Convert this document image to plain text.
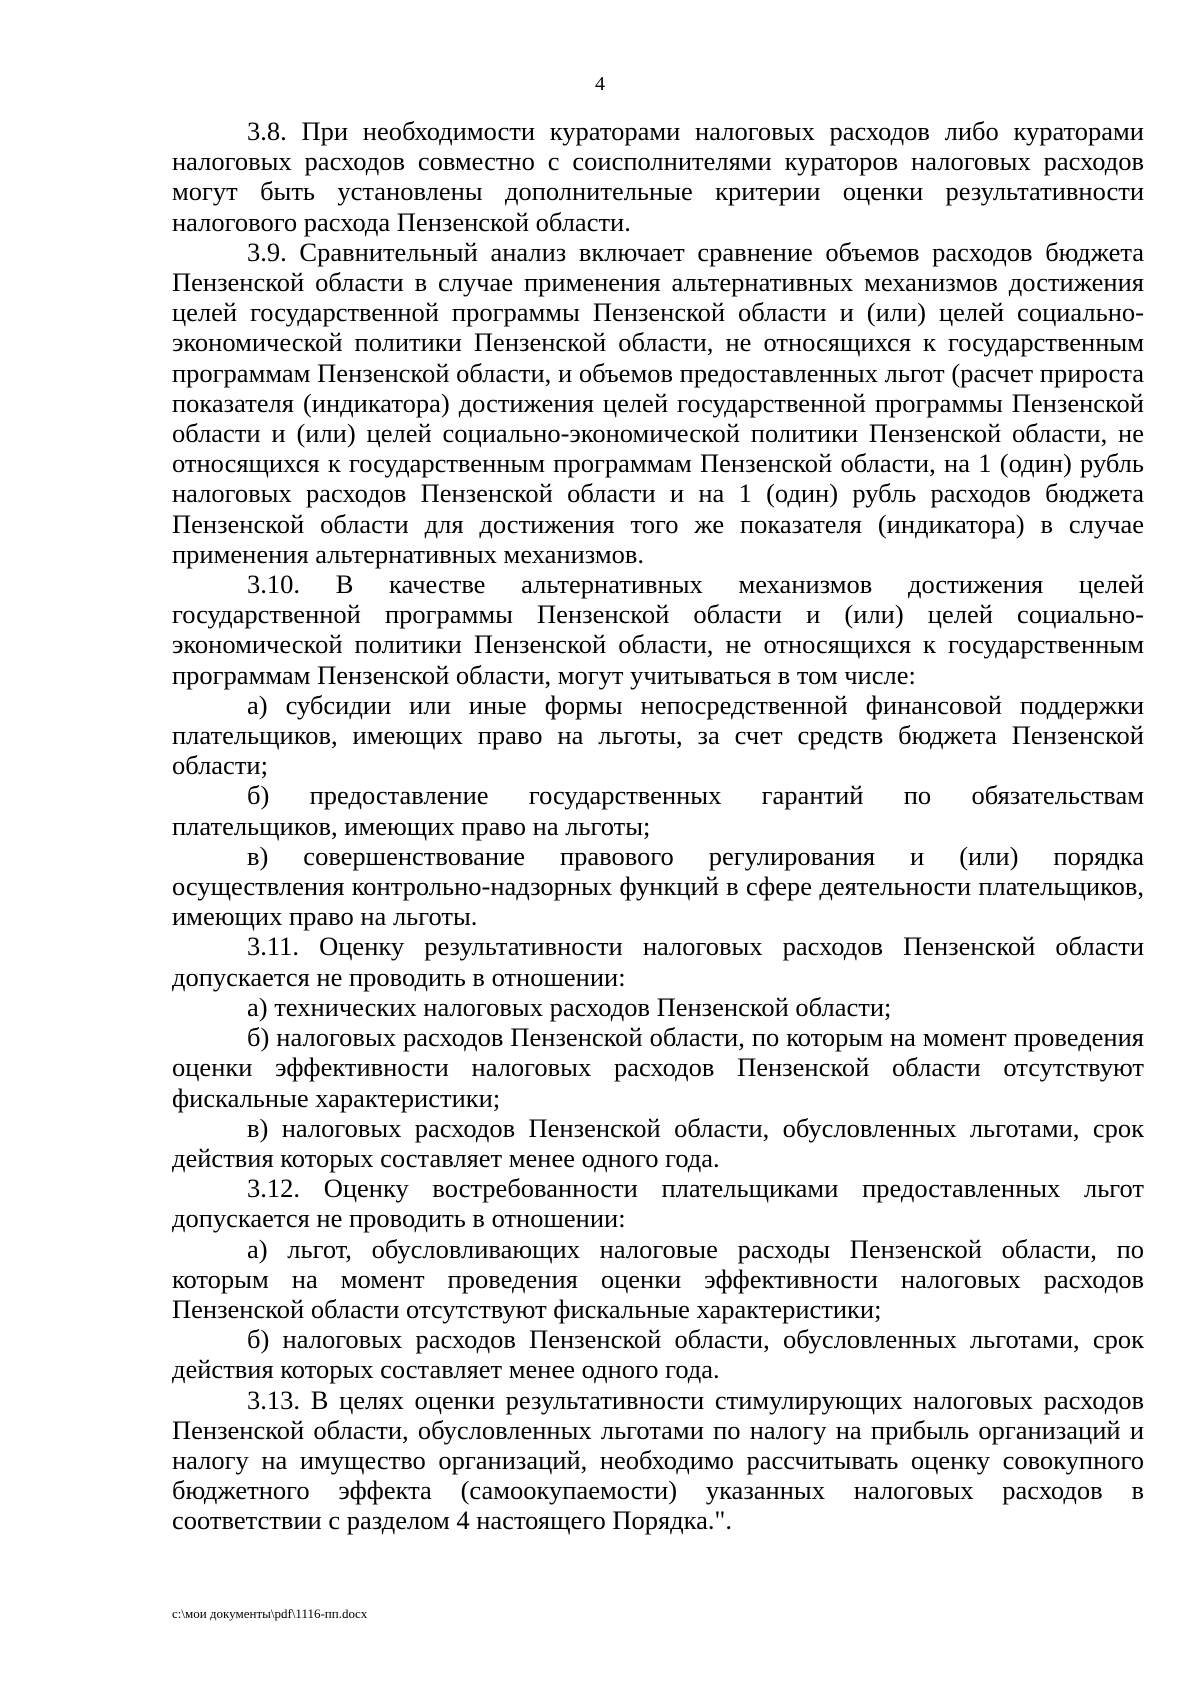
4

3.8. При необходимости кураторами налоговых расходов либо кураторами налоговых расходов совместно с соисполнителями кураторов налоговых расходов могут быть установлены дополнительные критерии оценки результативности налогового расхода Пензенской области.

3.9. Сравнительный анализ включает сравнение объемов расходов бюджета Пензенской области в случае применения альтернативных механизмов достижения целей государственной программы Пензенской области и (или) целей социально-экономической политики Пензенской области, не относящихся к государственным программам Пензенской области, и объемов предоставленных льгот (расчет прироста показателя (индикатора) достижения целей государственной программы Пензенской области и (или) целей социально-экономической политики Пензенской области, не относящихся к государственным программам Пензенской области, на 1 (один) рубль налоговых расходов Пензенской области и на 1 (один) рубль расходов бюджета Пензенской области для достижения того же показателя (индикатора) в случае применения альтернативных механизмов.

3.10. В качестве альтернативных механизмов достижения целей государственной программы Пензенской области и (или) целей социально-экономической политики Пензенской области, не относящихся к государственным программам Пензенской области, могут учитываться в том числе:

а) субсидии или иные формы непосредственной финансовой поддержки плательщиков, имеющих право на льготы, за счет средств бюджета Пензенской области;

б) предоставление государственных гарантий по обязательствам плательщиков, имеющих право на льготы;

в) совершенствование правового регулирования и (или) порядка осуществления контрольно-надзорных функций в сфере деятельности плательщиков, имеющих право на льготы.

3.11. Оценку результативности налоговых расходов Пензенской области допускается не проводить в отношении:

а) технических налоговых расходов Пензенской области;

б) налоговых расходов Пензенской области, по которым на момент проведения оценки эффективности налоговых расходов Пензенской области отсутствуют фискальные характеристики;

в) налоговых расходов Пензенской области, обусловленных льготами, срок действия которых составляет менее одного года.

3.12. Оценку востребованности плательщиками предоставленных льгот допускается не проводить в отношении:

а) льгот, обусловливающих налоговые расходы Пензенской области, по которым на момент проведения оценки эффективности налоговых расходов Пензенской области отсутствуют фискальные характеристики;

б) налоговых расходов Пензенской области, обусловленных льготами, срок действия которых составляет менее одного года.

3.13. В целях оценки результативности стимулирующих налоговых расходов Пензенской области, обусловленных льготами по налогу на прибыль организаций и налогу на имущество организаций, необходимо рассчитывать оценку совокупного бюджетного эффекта (самоокупаемости) указанных налоговых расходов в соответствии с разделом 4 настоящего Порядка.".

c:\мои документы\pdf\1116-пп.docx
